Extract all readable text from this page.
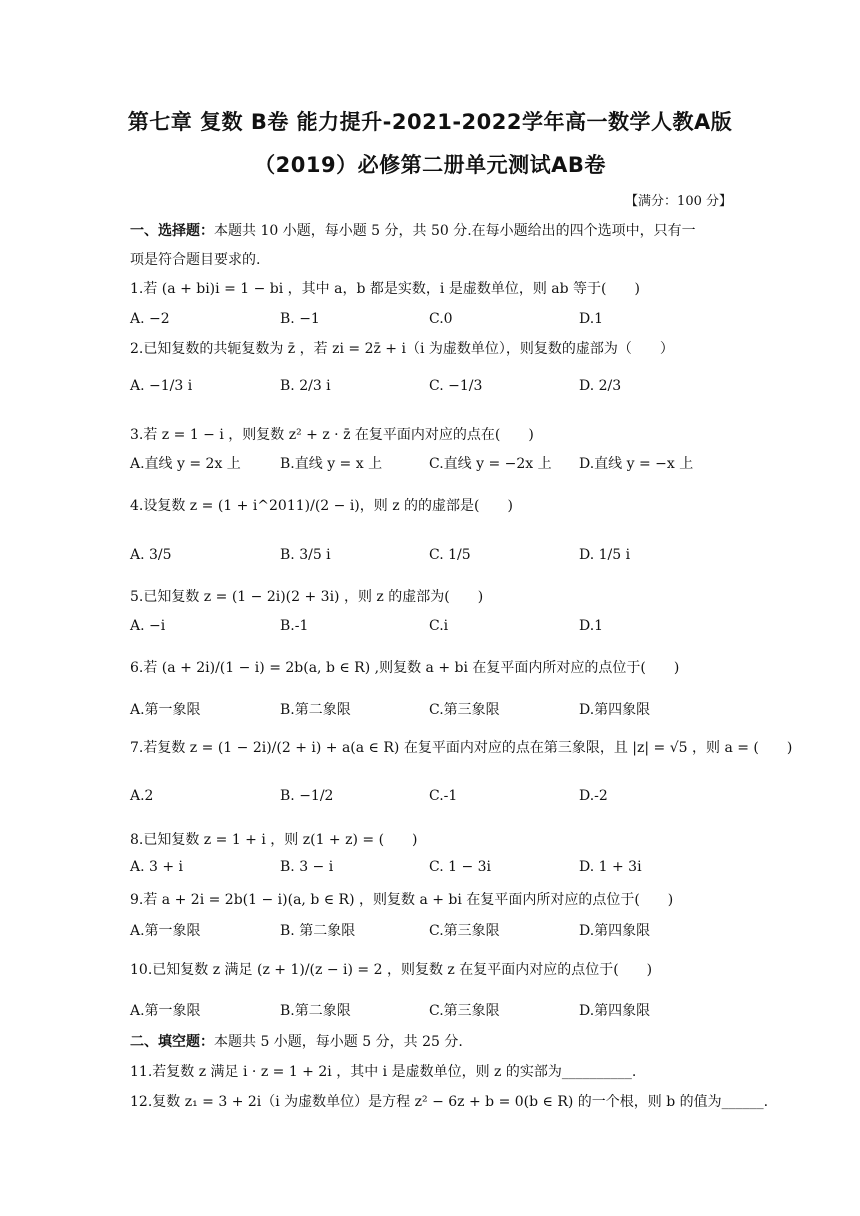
第七章 复数 B卷 能力提升-2021-2022学年高一数学人教A版
（2019）必修第二册单元测试AB卷
【满分：100 分】
一、选择题：本题共 10 小题，每小题 5 分，共 50 分.在每小题给出的四个选项中，只有一
项是符合题目要求的.
1.若 (a + bi)i = 1 − bi ，其中 a，b 都是实数，i 是虚数单位，则 ab 等于(　　)
A. −2	B. −1	C.0	D.1
2.已知复数的共轭复数为 z̄ ，若 zi = 2z̄ + i（i 为虚数单位），则复数的虚部为（　　）
A. −1/3 i	B. 2/3 i	C. −1/3	D. 2/3
3.若 z = 1 − i ，则复数 z² + z · z̄ 在复平面内对应的点在(　　)
A.直线 y = 2x 上	B.直线 y = x 上	C.直线 y = −2x 上 D.直线 y = −x 上
4.设复数 z = (1 + i^2011)/(2 − i)，则 z 的的虚部是(　　)
A. 3/5	B. 3/5 i	C. 1/5	D. 1/5 i
5.已知复数 z = (1 − 2i)(2 + 3i) ，则 z 的虚部为(　　)
A. −i	B.-1	C.i	D.1
6.若 (a + 2i)/(1 − i) = 2b(a, b ∈ R) ,则复数 a + bi 在复平面内所对应的点位于(　　)
A.第一象限	B.第二象限	C.第三象限	D.第四象限
7.若复数 z = (1 − 2i)/(2 + i) + a(a ∈ R) 在复平面内对应的点在第三象限，且 |z| = √5 ，则 a = (　　)
A.2	B. −1/2	C.-1	D.-2
8.已知复数 z = 1 + i ，则 z(1 + z) = (　　)
A. 3 + i	B. 3 − i	C. 1 − 3i	D. 1 + 3i
9.若 a + 2i = 2b(1 − i)(a, b ∈ R) ，则复数 a + bi 在复平面内所对应的点位于(　　)
A.第一象限	B. 第二象限	C.第三象限	D.第四象限
10.已知复数 z 满足 (z + 1)/(z − i) = 2 ，则复数 z 在复平面内对应的点位于(　　)
A.第一象限	B.第二象限	C.第三象限	D.第四象限
二、填空题：本题共 5 小题，每小题 5 分，共 25 分.
11.若复数 z 满足 i · z = 1 + 2i ，其中 i 是虚数单位，则 z 的实部为__________.
12.复数 z₁ = 3 + 2i（i 为虚数单位）是方程 z² − 6z + b = 0(b ∈ R) 的一个根，则 b 的值为______.
